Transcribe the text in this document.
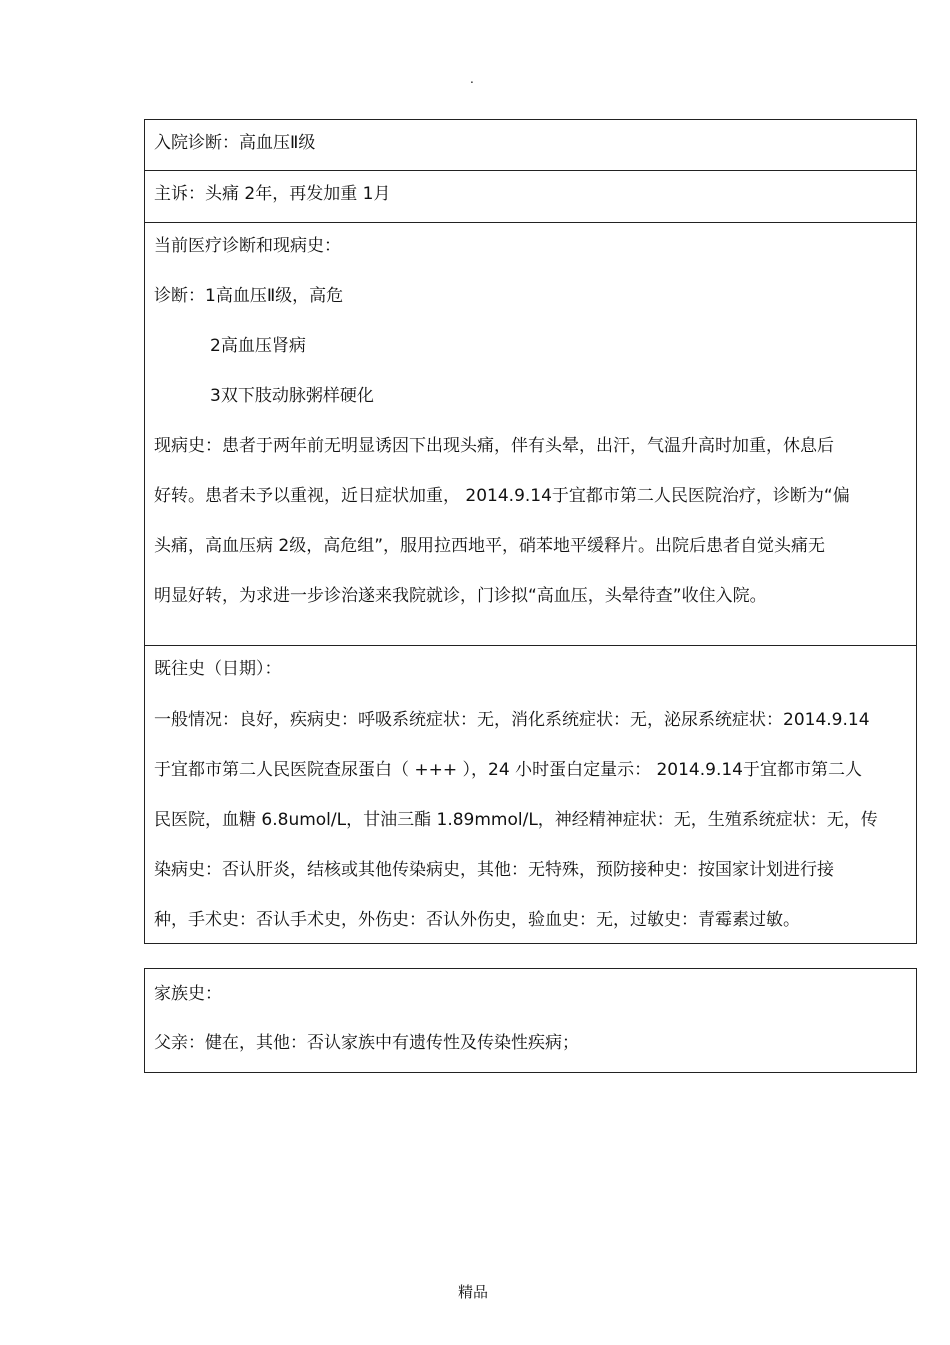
.
入院诊断：高血压Ⅱ级
主诉：头痛 2年，再发加重 1月
当前医疗诊断和现病史：
诊断：1高血压Ⅱ级，高危
2高血压肾病
3双下肢动脉粥样硬化
现病史：患者于两年前无明显诱因下出现头痛，伴有头晕，出汗，气温升高时加重，休息后
好转。患者未予以重视，近日症状加重， 2014.9.14于宜都市第二人民医院治疗，诊断为“偏
头痛，高血压病 2级，高危组”，服用拉西地平，硝苯地平缓释片。出院后患者自觉头痛无
明显好转，为求进一步诊治遂来我院就诊，门诊拟“高血压，头晕待查”收住入院。
既往史（日期）：
一般情况：良好，疾病史：呼吸系统症状：无，消化系统症状：无，泌尿系统症状：2014.9.14
于宜都市第二人民医院查尿蛋白（ +++ ），24 小时蛋白定量示： 2014.9.14于宜都市第二人
民医院，血糖 6.8umol/L，甘油三酯 1.89mmol/L，神经精神症状：无，生殖系统症状：无，传
染病史：否认肝炎，结核或其他传染病史，其他：无特殊，预防接种史：按国家计划进行接
种，手术史：否认手术史，外伤史：否认外伤史，验血史：无，过敏史：青霉素过敏。
家族史：
父亲：健在，其他：否认家族中有遗传性及传染性疾病；
精品
